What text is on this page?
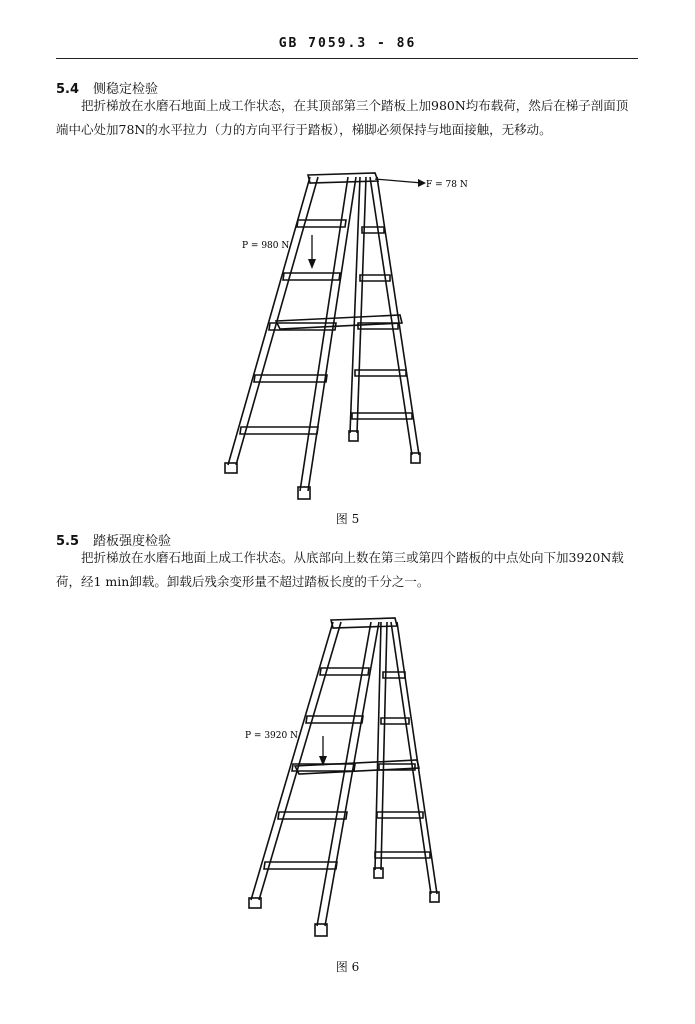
GB 7059.3 - 86
5.4 侧稳定检验
把折梯放在水磨石地面上成工作状态，在其顶部第三个踏板上加980N均布载荷，然后在梯子剖面顶端中心处加78N的水平拉力（力的方向平行于踏板），梯脚必须保持与地面接触，无移动。
P = 980 N
F = 78 N
图 5
5.5 踏板强度检验
把折梯放在水磨石地面上成工作状态。从底部向上数在第三或第四个踏板的中点处向下加3920N载荷，经1 min卸载。卸载后残余变形量不超过踏板长度的千分之一。
P = 3920 N
图 6
